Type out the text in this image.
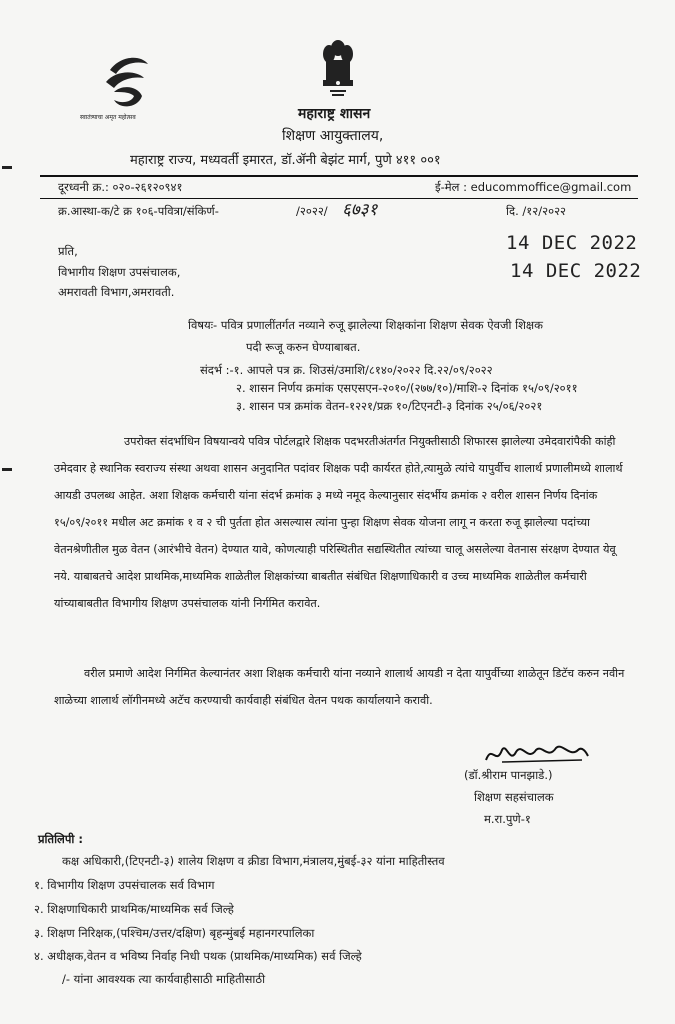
स्वातंत्र्याचा अमृत महोत्सव	महाराष्ट्र शासन
शिक्षण आयुक्तालय,
महाराष्ट्र राज्य, मध्यवर्ती इमारत, डॉ.ॲनी बेझंट मार्ग, पुणे ४११ ००१
दूरध्वनी क्र.: ०२०-२६१२०९४१	ई-मेल : educommoffice@gmail.com
क्र.आस्था-क/टे क्र १०६-पवित्रा/संकिर्ण-	/२०२२/ ६७३१	दि. /१२/२०२२
प्रति,
विभागीय शिक्षण उपसंचालक,
अमरावती विभाग,अमरावती.
14 DEC 2022
14 DEC 2022
विषयः- पवित्र प्रणालींतर्गत नव्याने रुजू झालेल्या शिक्षकांना शिक्षण सेवक ऐवजी शिक्षक
पदी रूजू करुन घेण्याबाबत.
संदर्भ :-१. आपले पत्र क्र. शिउसं/उमाशि/८१४०/२०२२ दि.२२/०९/२०२२
२. शासन निर्णय क्रमांक एसएसएन-२०१०/(२७७/१०)/माशि-२ दिनांक १५/०९/२०११
३. शासन पत्र क्रमांक वेतन-१२२१/प्रक्र १०/टिएनटी-३ दिनांक २५/०६/२०२१
उपरोक्त संदर्भाधिन विषयान्वये पवित्र पोर्टलद्वारे शिक्षक पदभरतीअंतर्गत नियुक्तीसाठी शिफारस झालेल्या उमेदवारांपैकी कांही उमेदवार हे स्थानिक स्वराज्य संस्था अथवा शासन अनुदानित पदांवर शिक्षक पदी कार्यरत होते,त्यामुळे त्यांचे यापुर्वीच शालार्थ प्रणालीमध्ये शालार्थ आयडी उपलब्ध आहेत. अशा शिक्षक कर्मचारी यांना संदर्भ क्रमांक ३ मध्ये नमूद केल्यानुसार संदर्भीय क्रमांक २ वरील शासन निर्णय दिनांक १५/०९/२०११ मधील अट क्रमांक १ व २ ची पुर्तता होत असल्यास त्यांना पुन्हा शिक्षण सेवक योजना लागू न करता रुजू झालेल्या पदांच्या वेतनश्रेणीतील मुळ वेतन (आरंभीचे वेतन) देण्यात यावे, कोणत्याही परिस्थितीत सद्यस्थितीत त्यांच्या चालू असलेल्या वेतनास संरक्षण देण्यात येवू नये. याबाबतचे आदेश प्राथमिक,माध्यमिक शाळेतील शिक्षकांच्या बाबतीत संबंधित शिक्षणाधिकारी व उच्च माध्यमिक शाळेतील कर्मचारी यांच्याबाबतीत विभागीय शिक्षण उपसंचालक यांनी निर्गमित करावेत.
वरील प्रमाणे आदेश निर्गमित केल्यानंतर अशा शिक्षक कर्मचारी यांना नव्याने शालार्थ आयडी न देता यापुर्वीच्या शाळेतून डिटॅच करुन नवीन शाळेच्या शालार्थ लॉगीनमध्ये अटॅच करण्याची कार्यवाही संबंधित वेतन पथक कार्यालयाने करावी.
(डॉ.श्रीराम पानझाडे.)
शिक्षण सहसंचालक
म.रा.पुणे-१
प्रतिलिपी :
कक्ष अधिकारी,(टिएनटी-३) शालेय शिक्षण व क्रीडा विभाग,मंत्रालय,मुंबई-३२ यांना माहितीस्तव
१. विभागीय शिक्षण उपसंचालक सर्व विभाग
२. शिक्षणाधिकारी प्राथमिक/माध्यमिक सर्व जिल्हे
३. शिक्षण निरिक्षक,(पश्चिम/उत्तर/दक्षिण) बृहन्मुंबई महानगरपालिका
४. अधीक्षक,वेतन व भविष्य निर्वाह निधी पथक (प्राथमिक/माध्यमिक) सर्व जिल्हे
/- यांना आवश्यक त्या कार्यवाहीसाठी माहितीसाठी
